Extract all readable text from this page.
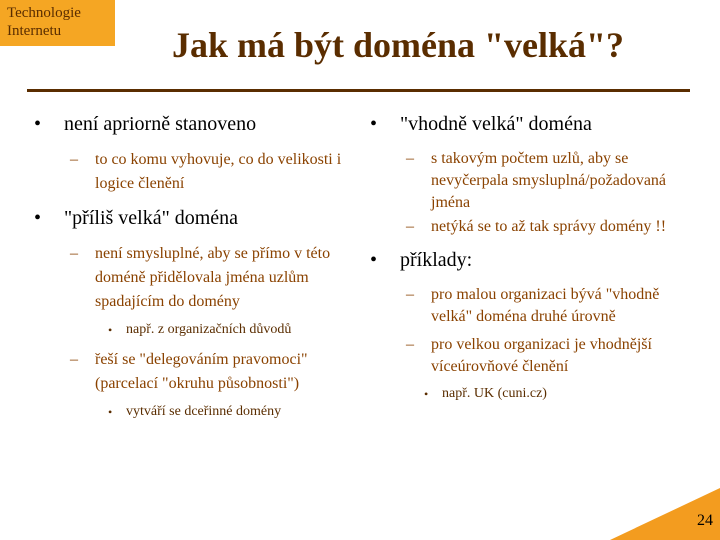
Technologie
Internetu	Jak má být doména "velká"?
• není apriorně stanoveno
– to co komu vyhovuje, co do velikosti i logice členění
• "příliš velká" doména
– není smysluplné, aby se přímo v této doméně přidělovala jména uzlům spadajícím do domény
• např. z organizačních důvodů
– řeší se "delegováním pravomoci" (parcelací "okruhu působnosti")
• vytváří se dceřinné domény
• "vhodně velká" doména
– s takovým počtem uzlů, aby se nevyčerpala smysluplná/požadovaná jména
– netýká se to až tak správy domény !!
• příklady:
– pro malou organizaci bývá "vhodně velká" doména druhé úrovně
– pro velkou organizaci je vhodnější víceúrovňové členění
• např. UK (cuni.cz)
24
